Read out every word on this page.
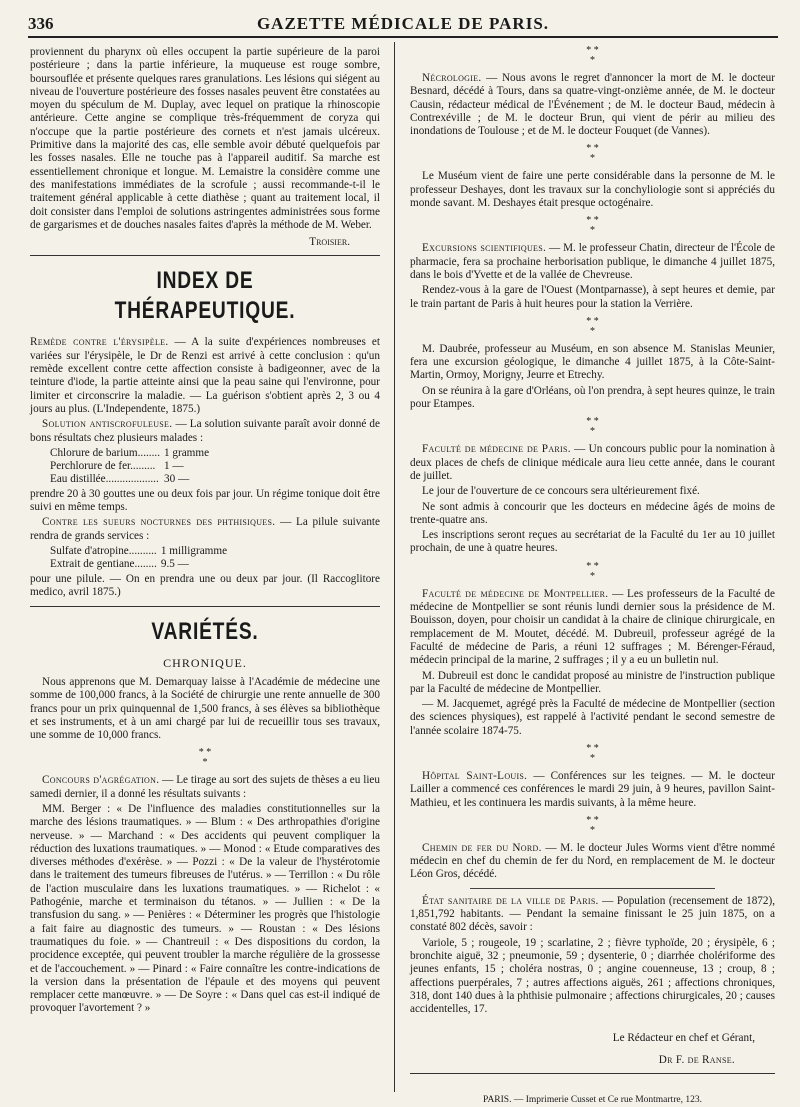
336	GAZETTE MÉDICALE DE PARIS.

proviennent du pharynx où elles occupent la partie supérieure de la paroi postérieure ; dans la partie inférieure, la muqueuse est rouge sombre, boursouflée et présente quelques rares granulations. Les lésions qui siégent au niveau de l'ouverture postérieure des fosses nasales peuvent être constatées au moyen du spéculum de M. Duplay, avec lequel on pratique la rhinoscopie antérieure. Cette angine se complique très-fréquemment de coryza qui n'occupe que la partie postérieure des cornets et n'est jamais ulcéreux. Primitive dans la majorité des cas, elle semble avoir débuté quelquefois par les fosses nasales. Elle ne touche pas à l'appareil auditif. Sa marche est essentiellement chronique et longue. M. Lemaistre la considère comme une des manifestations immédiates de la scrofule ; aussi recommande-t-il le traitement général applicable à cette diathèse ; quant au traitement local, il doit consister dans l'emploi de solutions astringentes administrées sous forme de gargarismes et de douches nasales faites d'après la méthode de M. Weber.

Troisier.
INDEX DE THÉRAPEUTIQUE.

Remède contre l'érysipèle. — A la suite d'expériences nombreuses et variées sur l'érysipèle, le Dr de Renzi est arrivé à cette conclusion : qu'un remède excellent contre cette affection consiste à badigeonner, avec de la teinture d'iode, la partie atteinte ainsi que la peau saine qui l'environne, pour limiter et circonscrire la maladie. — La guérison s'obtient après 2, 3 ou 4 jours au plus. (L'Independente, 1875.)

Solution antiscrofuleuse. — La solution suivante paraît avoir donné de bons résultats chez plusieurs malades :

Chlorure de barium........	1 gramme
Perchlorure de fer.........	1 —
Eau distillée...................	30 —

prendre 20 à 30 gouttes une ou deux fois par jour. Un régime tonique doit être suivi en même temps.

Contre les sueurs nocturnes des phthisiques. — La pilule suivante rendra de grands services :

Sulfate d'atropine..........	1 milligramme
Extrait de gentiane........	9.5 —

pour une pilule. — On en prendra une ou deux par jour. (Il Raccoglitore medico, avril 1875.)

VARIÉTÉS.
CHRONIQUE.

Nous apprenons que M. Demarquay laisse à l'Académie de médecine une somme de 100,000 francs, à la Société de chirurgie une rente annuelle de 300 francs pour un prix quinquennal de 1,500 francs, à ses élèves sa bibliothèque et ses instruments, et à un ami chargé par lui de recueillir tous ses travaux, une somme de 10,000 francs.

* *
*

Concours d'agrégation. — Le tirage au sort des sujets de thèses a eu lieu samedi dernier, il a donné les résultats suivants :

MM. Berger : « De l'influence des maladies constitutionnelles sur la marche des lésions traumatiques. » — Blum : « Des arthropathies d'origine nerveuse. » — Marchand : « Des accidents qui peuvent compliquer la réduction des luxations traumatiques. » — Monod : « Etude comparatives des diverses méthodes d'exérèse. » — Pozzi : « De la valeur de l'hystérotomie dans le traitement des tumeurs fibreuses de l'utérus. » — Terrillon : « Du rôle de l'action musculaire dans les luxations traumatiques. » — Richelot : « Pathogénie, marche et terminaison du tétanos. » — Jullien : « De la transfusion du sang. » — Penières : « Déterminer les progrès que l'histologie a fait faire au diagnostic des tumeurs. » — Roustan : « Des lésions traumatiques du foie. » — Chantreuil : « Des dispositions du cordon, la procidence exceptée, qui peuvent troubler la marche régulière de la grossesse et de l'accouchement. » — Pinard : « Faire connaître les contre-indications de la version dans la présentation de l'épaule et des moyens qui peuvent remplacer cette manœuvre. » — De Soyre : « Dans quel cas est-il indiqué de provoquer l'avortement ? »

* *
*

Nécrologie. — Nous avons le regret d'annoncer la mort de M. le docteur Besnard, décédé à Tours, dans sa quatre-vingt-onzième année, de M. le docteur Causin, rédacteur médical de l'Événement ; de M. le docteur Baud, médecin à Contrexéville ; de M. le docteur Brun, qui vient de périr au milieu des inondations de Toulouse ; et de M. le docteur Fouquet (de Vannes).

* *
*

Le Muséum vient de faire une perte considérable dans la personne de M. le professeur Deshayes, dont les travaux sur la conchyliologie sont si appréciés du monde savant. M. Deshayes était presque octogénaire.

* *
*

Excursions scientifiques. — M. le professeur Chatin, directeur de l'École de pharmacie, fera sa prochaine herborisation publique, le dimanche 4 juillet 1875, dans le bois d'Yvette et de la vallée de Chevreuse.

Rendez-vous à la gare de l'Ouest (Montparnasse), à sept heures et demie, par le train partant de Paris à huit heures pour la station la Verrière.

* *
*

M. Daubrée, professeur au Muséum, en son absence M. Stanislas Meunier, fera une excursion géologique, le dimanche 4 juillet 1875, à la Côte-Saint-Martin, Ormoy, Morigny, Jeurre et Etrechy.

On se réunira à la gare d'Orléans, où l'on prendra, à sept heures quinze, le train pour Etampes.

* *
*

Faculté de médecine de Paris. — Un concours public pour la nomination à deux places de chefs de clinique médicale aura lieu cette année, dans le courant de juillet.

Le jour de l'ouverture de ce concours sera ultérieurement fixé.

Ne sont admis à concourir que les docteurs en médecine âgés de moins de trente-quatre ans.

Les inscriptions seront reçues au secrétariat de la Faculté du 1er au 10 juillet prochain, de une à quatre heures.

* *
*

Faculté de médecine de Montpellier. — Les professeurs de la Faculté de médecine de Montpellier se sont réunis lundi dernier sous la présidence de M. Bouisson, doyen, pour choisir un candidat à la chaire de clinique chirurgicale, en remplacement de M. Moutet, décédé. M. Dubreuil, professeur agrégé de la Faculté de médecine de Paris, a réuni 12 suffrages ; M. Bérenger-Féraud, médecin principal de la marine, 2 suffrages ; il y a eu un bulletin nul.

M. Dubreuil est donc le candidat proposé au ministre de l'instruction publique par la Faculté de médecine de Montpellier.

— M. Jacquemet, agrégé près la Faculté de médecine de Montpellier (section des sciences physiques), est rappelé à l'activité pendant le second semestre de l'année scolaire 1874-75.

* *
*

Hôpital Saint-Louis. — Conférences sur les teignes. — M. le docteur Lailler a commencé ces conférences le mardi 29 juin, à 9 heures, pavillon Saint-Mathieu, et les continuera les mardis suivants, à la même heure.

* *
*

Chemin de fer du Nord. — M. le docteur Jules Worms vient d'être nommé médecin en chef du chemin de fer du Nord, en remplacement de M. le docteur Léon Gros, décédé.

État sanitaire de la ville de Paris. — Population (recensement de 1872), 1,851,792 habitants. — Pendant la semaine finissant le 25 juin 1875, on a constaté 802 décès, savoir :

Variole, 5 ; rougeole, 19 ; scarlatine, 2 ; fièvre typhoïde, 20 ; érysipèle, 6 ; bronchite aiguë, 32 ; pneumonie, 59 ; dysenterie, 0 ; diarrhée cholériforme des jeunes enfants, 15 ; choléra nostras, 0 ; angine couenneuse, 13 ; croup, 8 ; affections puerpérales, 7 ; autres affections aiguës, 261 ; affections chroniques, 318, dont 140 dues à la phthisie pulmonaire ; affections chirurgicales, 20 ; causes accidentelles, 17.

Le Rédacteur en chef et Gérant,
Dr F. de Ranse.
PARIS. — Imprimerie Cusset et Ce rue Montmartre, 123.
